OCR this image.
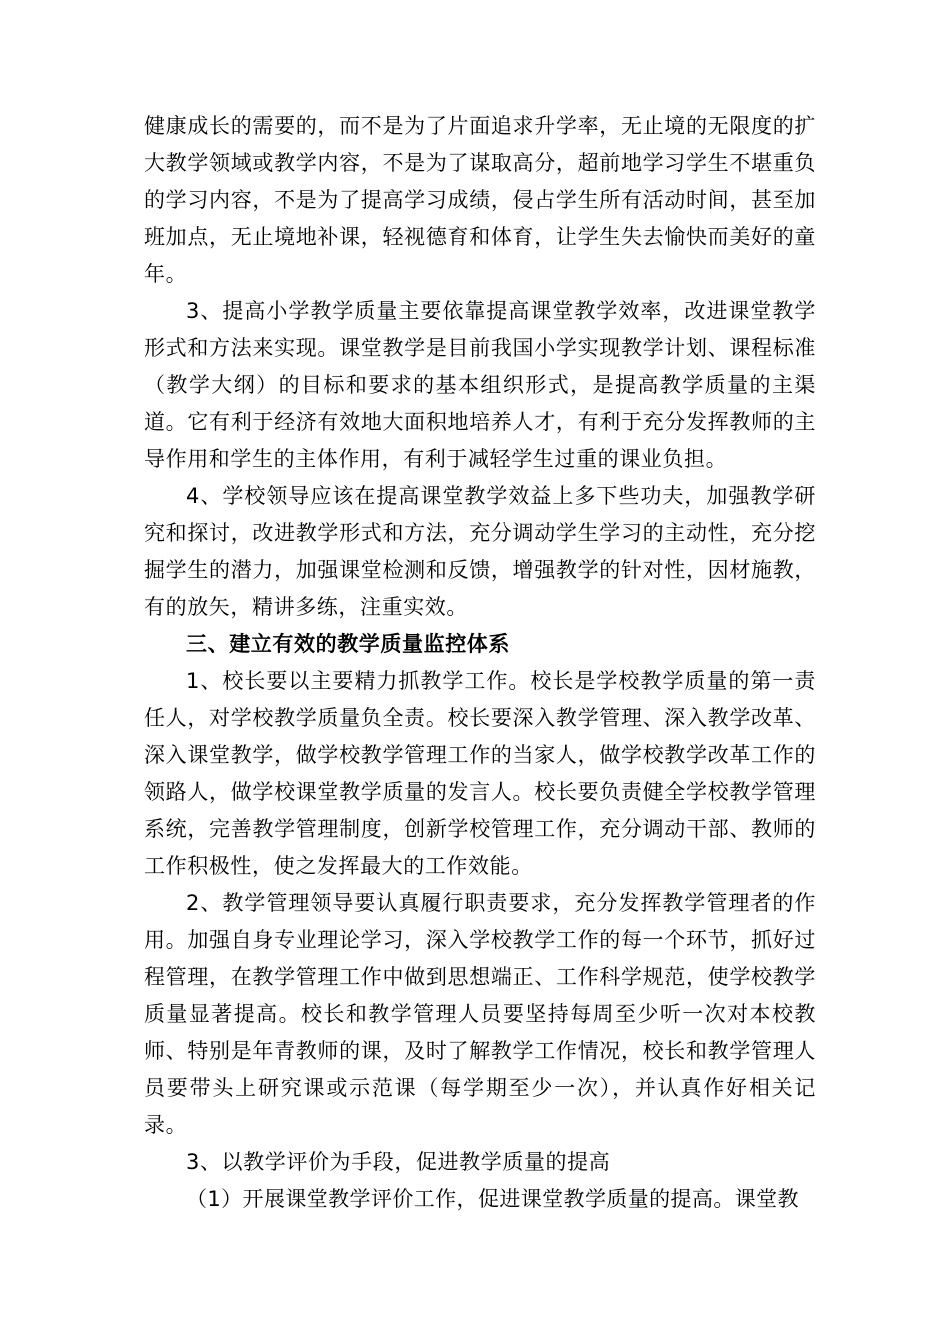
健康成长的需要的，而不是为了片面追求升学率，无止境的无限度的扩大教学领域或教学内容，不是为了谋取高分，超前地学习学生不堪重负的学习内容，不是为了提高学习成绩，侵占学生所有活动时间，甚至加班加点，无止境地补课，轻视德育和体育，让学生失去愉快而美好的童年。

3、提高小学教学质量主要依靠提高课堂教学效率，改进课堂教学形式和方法来实现。课堂教学是目前我国小学实现教学计划、课程标准（教学大纲）的目标和要求的基本组织形式，是提高教学质量的主渠道。它有利于经济有效地大面积地培养人才，有利于充分发挥教师的主导作用和学生的主体作用，有利于减轻学生过重的课业负担。

4、学校领导应该在提高课堂教学效益上多下些功夫，加强教学研究和探讨，改进教学形式和方法，充分调动学生学习的主动性，充分挖掘学生的潜力，加强课堂检测和反馈，增强教学的针对性，因材施教，有的放矢，精讲多练，注重实效。

三、建立有效的教学质量监控体系

1、校长要以主要精力抓教学工作。校长是学校教学质量的第一责任人，对学校教学质量负全责。校长要深入教学管理、深入教学改革、深入课堂教学，做学校教学管理工作的当家人，做学校教学改革工作的领路人，做学校课堂教学质量的发言人。校长要负责健全学校教学管理系统，完善教学管理制度，创新学校管理工作，充分调动干部、教师的工作积极性，使之发挥最大的工作效能。

2、教学管理领导要认真履行职责要求，充分发挥教学管理者的作用。加强自身专业理论学习，深入学校教学工作的每一个环节，抓好过程管理，在教学管理工作中做到思想端正、工作科学规范，使学校教学质量显著提高。校长和教学管理人员要坚持每周至少听一次对本校教师、特别是年青教师的课，及时了解教学工作情况，校长和教学管理人员要带头上研究课或示范课（每学期至少一次），并认真作好相关记录。

3、以教学评价为手段，促进教学质量的提高

（1）开展课堂教学评价工作，促进课堂教学质量的提高。课堂教
